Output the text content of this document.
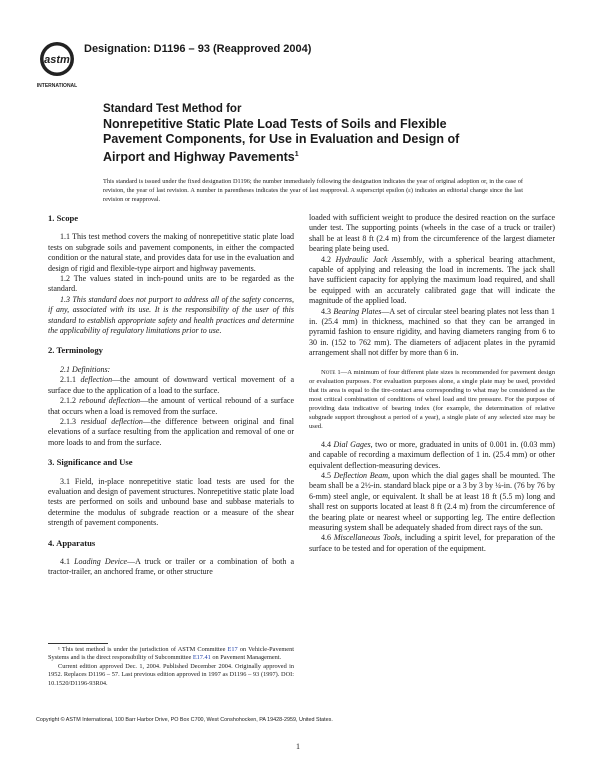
astm
INTERNATIONAL
Designation: D1196 – 93 (Reapproved 2004)
Standard Test Method for
Nonrepetitive Static Plate Load Tests of Soils and Flexible
Pavement Components, for Use in Evaluation and Design of
Airport and Highway Pavements$^1$
This standard is issued under the fixed designation D1196; the number immediately following the designation indicates the year of original adoption or, in the case of revision, the year of last revision. A number in parentheses indicates the year of last reapproval. A superscript epsilon (ε) indicates an editorial change since the last revision or reapproval.
1. Scope

1.1 This test method covers the making of nonrepetitive static plate load tests on subgrade soils and pavement components, in either the compacted condition or the natural state, and provides data for use in the evaluation and design of rigid and flexible-type airport and highway pavements.

1.2 The values stated in inch-pound units are to be regarded as the standard.

1.3 This standard does not purport to address all of the safety concerns, if any, associated with its use. It is the responsibility of the user of this standard to establish appropriate safety and health practices and determine the applicability of regulatory limitations prior to use.

2. Terminology

2.1 Definitions:

2.1.1 deflection—the amount of downward vertical movement of a surface due to the application of a load to the surface.

2.1.2 rebound deflection—the amount of vertical rebound of a surface that occurs when a load is removed from the surface.

2.1.3 residual deflection—the difference between original and final elevations of a surface resulting from the application and removal of one or more loads to and from the surface.

3. Significance and Use

3.1 Field, in-place nonrepetitive static load tests are used for the evaluation and design of pavement structures. Nonrepetitive static plate load tests are performed on soils and unbound base and subbase materials to determine the modulus of subgrade reaction or a measure of the shear strength of pavement components.

4. Apparatus

4.1 Loading Device—A truck or trailer or a combination of both a tractor-trailer, an anchored frame, or other structure

loaded with sufficient weight to produce the desired reaction on the surface under test. The supporting points (wheels in the case of a truck or trailer) shall be at least 8 ft (2.4 m) from the circumference of the largest diameter bearing plate being used.

4.2 Hydraulic Jack Assembly, with a spherical bearing attachment, capable of applying and releasing the load in increments. The jack shall have sufficient capacity for applying the maximum load required, and shall be equipped with an accurately calibrated gage that will indicate the magnitude of the applied load.

4.3 Bearing Plates—A set of circular steel bearing plates not less than 1 in. (25.4 mm) in thickness, machined so that they can be arranged in pyramid fashion to ensure rigidity, and having diameters ranging from 6 to 30 in. (152 to 762 mm). The diameters of adjacent plates in the pyramid arrangement shall not differ by more than 6 in.

Note 1—A minimum of four different plate sizes is recommended for pavement design or evaluation purposes. For evaluation purposes alone, a single plate may be used, provided that its area is equal to the tire-contact area corresponding to what may be considered as the most critical combination of conditions of wheel load and tire pressure. For the purpose of providing data indicative of bearing index (for example, the determination of relative subgrade support throughout a period of a year), a single plate of any selected size may be used.

4.4 Dial Gages, two or more, graduated in units of 0.001 in. (0.03 mm) and capable of recording a maximum deflection of 1 in. (25.4 mm) or other equivalent deflection-measuring devices.

4.5 Deflection Beam, upon which the dial gages shall be mounted. The beam shall be a 2½-in. standard black pipe or a 3 by 3 by ¼-in. (76 by 76 by 6-mm) steel angle, or equivalent. It shall be at least 18 ft (5.5 m) long and shall rest on supports located at least 8 ft (2.4 m) from the circumference of the bearing plate or nearest wheel or supporting leg. The entire deflection measuring system shall be adequately shaded from direct rays of the sun.

4.6 Miscellaneous Tools, including a spirit level, for preparation of the surface to be tested and for operation of the equipment.

¹ This test method is under the jurisdiction of ASTM Committee E17 on Vehicle-Pavement Systems and is the direct responsibility of Subcommittee E17.41 on Pavement Management.

Current edition approved Dec. 1, 2004. Published December 2004. Originally approved in 1952. Replaces D1196 – 57. Last previous edition approved in 1997 as D1196 – 93 (1997). DOI: 10.1520/D1196-93R04.

Copyright © ASTM International, 100 Barr Harbor Drive, PO Box C700, West Conshohocken, PA 19428-2959, United States.
1
